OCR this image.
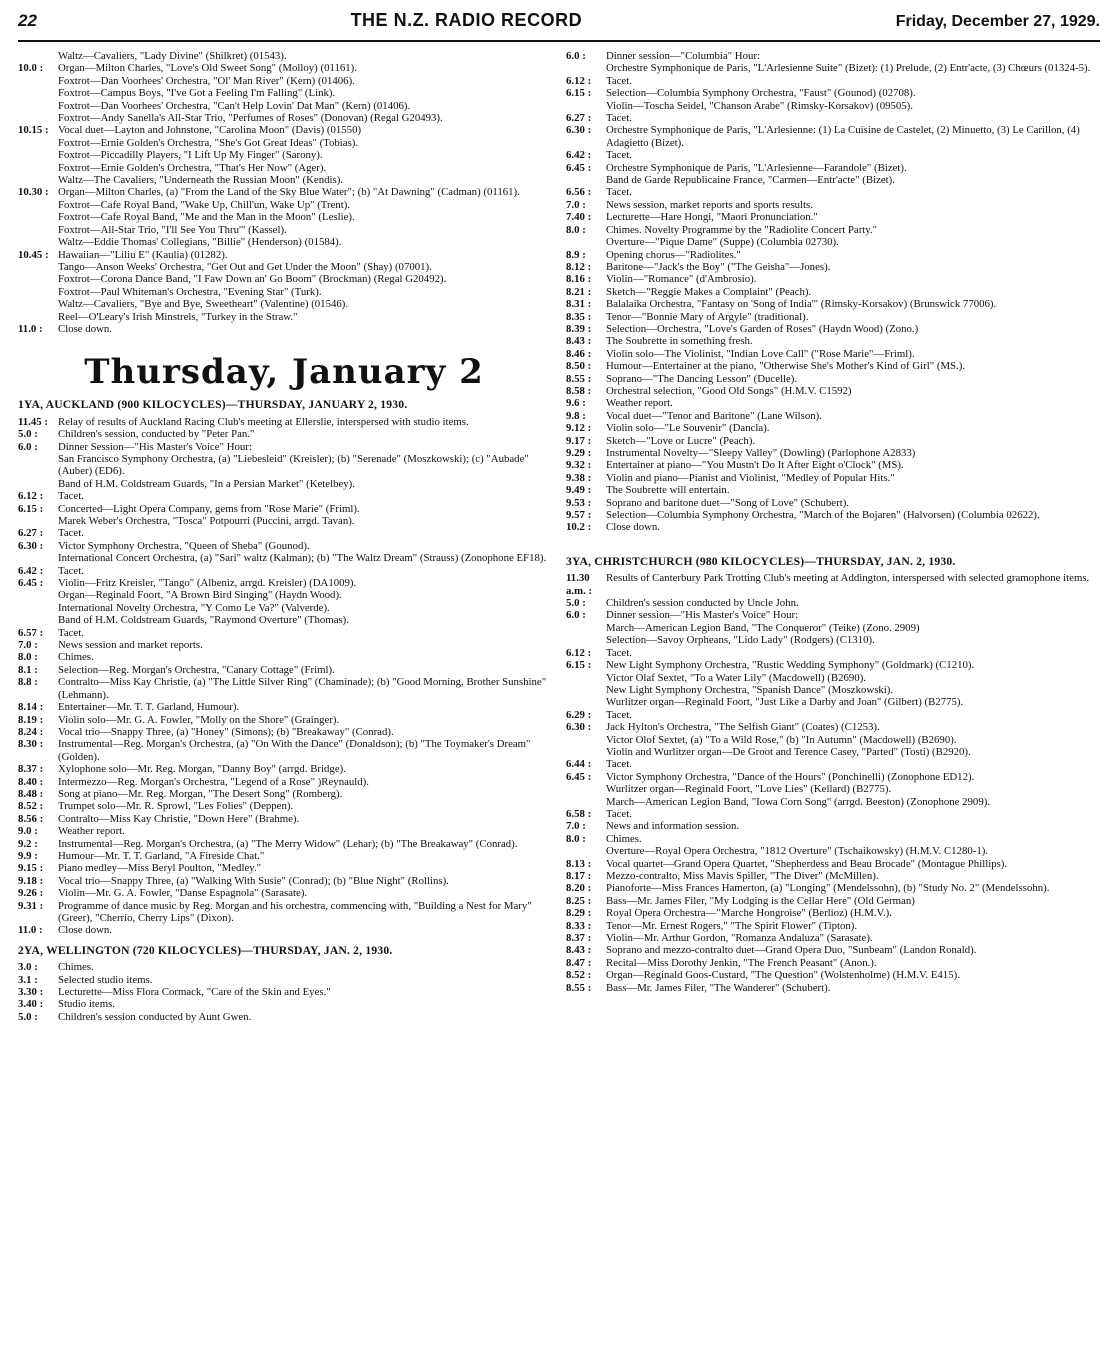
22	THE N.Z. RADIO RECORD	Friday, December 27, 1929.
Waltz—Cavaliers, "Lady Divine" (Shilkret) (01543).
10.0 :	Organ—Milton Charles, "Love's Old Sweet Song" (Molloy) (01161).
Foxtrot—Dan Voorhees' Orchestra, "Ol' Man River" (Kern) (01406).
Foxtrot—Campus Boys, "I've Got a Feeling I'm Falling" (Link).
Foxtrot—Dan Voorhees' Orchestra, "Can't Help Lovin' Dat Man" (Kern) (01406).
Foxtrot—Andy Sanella's All-Star Trio, "Perfumes of Roses" (Donovan) (Regal G20493).
10.15 : Vocal duet—Layton and Johnstone, "Carolina Moon" (Davis) (01550)
Foxtrot—Ernie Golden's Orchestra, "She's Got Great Ideas" (Tobias).
Foxtrot—Piccadilly Players, "I Lift Up My Finger" (Sarony).
Foxtrot—Ernie Golden's Orchestra, "That's Her Now" (Ager).
Waltz—The Cavaliers, "Underneath the Russian Moon" (Kendis).
10.30 : Organ—Milton Charles, (a) "From the Land of the Sky Blue Water"; (b) "At Dawning" (Cadman) (01161).
Foxtrot—Cafe Royal Band, "Wake Up, Chill'un, Wake Up" (Trent).
Foxtrot—Cafe Royal Band, "Me and the Man in the Moon" (Leslie).
Foxtrot—All-Star Trio, "I'll See You Thru'" (Kassel).
Waltz—Eddie Thomas' Collegians, "Billie" (Henderson) (01584).
10.45 : Hawaiian—"Liliu E" (Kaulia) (01282).
Tango—Anson Weeks' Orchestra, "Get Out and Get Under the Moon" (Shay) (07001).
Foxtrot—Corona Dance Band, "I Faw Down an' Go Boom" (Brockman) (Regal G20492).
Foxtrot—Paul Whiteman's Orchestra, "Evening Star" (Turk).
Waltz—Cavaliers, "Bye and Bye, Sweetheart" (Valentine) (01546).
Reel—O'Leary's Irish Minstrels, "Turkey in the Straw."
11.0 :	Close down.
Thursday, January 2
1YA, AUCKLAND (900 KILOCYCLES)—THURSDAY, JANUARY 2, 1930.
11.45 : Relay of results of Auckland Racing Club's meeting at Ellerslie, interspersed with studio items.
5.0 :	Children's session, conducted by "Peter Pan."
6.0 :	Dinner Session—"His Master's Voice" Hour:
San Francisco Symphony Orchestra, (a) "Liebesleid" (Kreisler); (b) "Serenade" (Moszkowski); (c) "Aubade" (Auber) (ED6).
Band of H.M. Coldstream Guards, "In a Persian Market" (Ketelbey).
6.12 :	Tacet.
6.15 :	Concerted—Light Opera Company, gems from "Rose Marie" (Friml).
Marek Weber's Orchestra, "Tosca" Potpourri (Puccini, arrgd. Tavan).
6.27 :	Tacet.
6.30 :	Victor Symphony Orchestra, "Queen of Sheba" (Gounod).
International Concert Orchestra, (a) "Sari" waltz (Kalman); (b) "The Waltz Dream" (Strauss) (Zonophone EF18).
6.42 :	Tacet.
6.45 :	Violin—Fritz Kreisler, "Tango" (Albeniz, arrgd. Kreisler) (DA1009).
Organ—Reginald Foort, "A Brown Bird Singing" (Haydn Wood).
International Novelty Orchestra, "Y Como Le Va?" (Valverde).
Band of H.M. Coldstream Guards, "Raymond Overture" (Thomas).
6.57 :	Tacet.
7.0 :	News session and market reports.
8.0 :	Chimes.
8.1 :	Selection—Reg. Morgan's Orchestra, "Canary Cottage" (Friml).
8.8 :	Contralto—Miss Kay Christie, (a) "The Little Silver Ring" (Chaminade); (b) "Good Morning, Brother Sunshine" (Lehmann).
8.14 :	Entertainer—Mr. T. T. Garland, Humour).
8.19 :	Violin solo—Mr. G. A. Fowler, "Molly on the Shore" (Grainger).
8.24 :	Vocal trio—Snappy Three, (a) "Honey" (Simons); (b) "Breakaway" (Conrad).
8.30 :	Instrumental—Reg. Morgan's Orchestra, (a) "On With the Dance" (Donaldson); (b) "The Toymaker's Dream" (Golden).
8.37 :	Xylophone solo—Mr. Reg. Morgan, "Danny Boy" (arrgd. Bridge).
8.40 :	Intermezzo—Reg. Morgan's Orchestra, "Legend of a Rose" )Reynauld).
8.48 :	Song at piano—Mr. Reg. Morgan, "The Desert Song" (Romberg).
8.52 :	Trumpet solo—Mr. R. Sprowl, "Les Folies" (Deppen).
8.56 :	Contralto—Miss Kay Christie, "Down Here" (Brahme).
9.0 :	Weather report.
9.2 :	Instrumental—Reg. Morgan's Orchestra, (a) "The Merry Widow" (Lehar); (b) "The Breakaway" (Conrad).
9.9 :	Humour—Mr. T. T. Garland, "A Fireside Chat."
9.15 :	Piano medley—Miss Beryl Poulton, "Medley."
9.18 :	Vocal trio—Snappy Three, (a) "Walking With Susie" (Conrad); (b) "Blue Night" (Rollins).
9.26 :	Violin—Mr. G. A. Fowler, "Danse Espagnola" (Sarasate).
9.31 :	Programme of dance music by Reg. Morgan and his orchestra, commencing with, "Building a Nest for Mary" (Greer), "Cherrio, Cherry Lips" (Dixon).
11.0 :	Close down.
2YA, WELLINGTON (720 KILOCYCLES)—THURSDAY, JAN. 2, 1930.
3.0 :	Chimes.
3.1 :	Selected studio items.
3.30 :	Lecturette—Miss Flora Cormack, "Care of the Skin and Eyes."
3.40 :	Studio items.
5.0 :	Children's session conducted by Aunt Gwen.
6.0 :	Dinner session—"Columbia" Hour:
Orchestre Symphonique de Paris, "L'Arlesienne Suite" (Bizet): (1) Prelude, (2) Entr'acte, (3) Chœurs (01324-5).
6.12 :	Tacet.
6.15 :	Selection—Columbia Symphony Orchestra, "Faust" (Gounod) (02708).
Violin—Toscha Seidel, "Chanson Arabe" (Rimsky-Korsakov) (09505).
6.27 :	Tacet.
6.30 :	Orchestre Symphonique de Paris, "L'Arlesienne: (1) La Cuisine de Castelet, (2) Minuetto, (3) Le Carillon, (4) Adagietto (Bizet).
6.42 :	Tacet.
6.45 :	Orchestre Symphonique de Paris, "L'Arlesienne—Farandole" (Bizet).
Band de Garde Republicaine France, "Carmen—Entr'acte" (Bizet).
6.56 :	Tacet.
7.0 :	News session, market reports and sports results.
7.40 :	Lecturette—Hare Hongi, "Maori Pronunciation."
8.0 :	Chimes. Novelty Programme by the "Radiolite Concert Party."
Overture—"Pique Dame" (Suppe) (Columbia 02730).
8.9 :	Opening chorus—"Radiolites."
8.12 :	Baritone—"Jack's the Boy" ("The Geisha"—Jones).
8.16 :	Violin—"Romance" (d'Ambrosio).
8.21 :	Sketch—"Reggie Makes a Complaint" (Peach).
8.31 :	Balalaika Orchestra, "Fantasy on 'Song of India'" (Rimsky-Korsakov) (Brunswick 77006).
8.35 :	Tenor—"Bonnie Mary of Argyle" (traditional).
8.39 :	Selection—Orchestra, "Love's Garden of Roses" (Haydn Wood) (Zono.)
8.43 :	The Soubrette in something fresh.
8.46 :	Violin solo—The Violinist, "Indian Love Call" ("Rose Marie"—Friml).
8.50 :	Humour—Entertainer at the piano, "Otherwise She's Mother's Kind of Girl" (MS.).
8.55 :	Soprano—"The Dancing Lesson" (Ducelle).
8.58 :	Orchestral selection, "Good Old Songs" (H.M.V. C1592)
9.6 :	Weather report.
9.8 :	Vocal duet—"Tenor and Baritone" (Lane Wilson).
9.12 :	Violin solo—"Le Souvenir" (Dancla).
9.17 :	Sketch—"Love or Lucre" (Peach).
9.29 :	Instrumental Novelty—"Sleepy Valley" (Dowling) (Parlophone A2833)
9.32 :	Entertainer at piano—"You Mustn't Do It After Eight o'Clock" (MS).
9.38 :	Violin and piano—Pianist and Violinist, "Medley of Popular Hits."
9.49 :	The Soubrette will entertain.
9.53 :	Soprano and baritone duet—"Song of Love" (Schubert).
9.57 :	Selection—Columbia Symphony Orchestra, "March of the Bojaren" (Halvorsen) (Columbia 02622).
10.2 :	Close down.
3YA, CHRISTCHURCH (980 KILOCYCLES)—THURSDAY, JAN. 2, 1930.
11.30 a.m. :
Results of Canterbury Park Trotting Club's meeting at Addington, interspersed with selected gramophone items.
5.0 :	Children's session conducted by Uncle John.
6.0 :	Dinner session—"His Master's Voice" Hour:
March—American Legion Band, "The Conqueror" (Teike) (Zono. 2909)
Selection—Savoy Orpheans, "Lido Lady" (Rodgers) (C1310).
6.12 :	Tacet.
6.15 :	New Light Symphony Orchestra, "Rustic Wedding Symphony" (Goldmark) (C1210).
Victor Olaf Sextet, "To a Water Lily" (Macdowell) (B2690).
New Light Symphony Orchestra, "Spanish Dance" (Moszkowski).
Wurlitzer organ—Reginald Foort, "Just Like a Darby and Joan" (Gilbert) (B2775).
6.29 :	Tacet.
6.30 :	Jack Hylton's Orchestra, "The Selfish Giant" (Coates) (C1253).
Victor Olof Sextet, (a) "To a Wild Rose," (b) "In Autumn" (Macdowell) (B2690).
Violin and Wurlitzer organ—De Groot and Terence Casey, "Parted" (Tosti) (B2920).
6.44 :	Tacet.
6.45 :	Victor Symphony Orchestra, "Dance of the Hours" (Ponchinelli) (Zonophone ED12).
Wurlitzer organ—Reginald Foort, "Love Lies" (Kellard) (B2775).
March—American Legion Band, "Iowa Corn Song" (arrgd. Beeston) (Zonophone 2909).
6.58 :	Tacet.
7.0 :	News and information session.
8.0 :	Chimes.
Overture—Royal Opera Orchestra, "1812 Overture" (Tschaikowsky) (H.M.V. C1280-1).
8.13 :	Vocal quartet—Grand Opera Quartet, "Shepherdess and Beau Brocade" (Montague Phillips).
8.17 :	Mezzo-contralto, Miss Mavis Spiller, "The Diver" (McMillen).
8.20 :	Pianoforte—Miss Frances Hamerton, (a) "Longing" (Mendelssohn), (b) "Study No. 2" (Mendelssohn).
8.25 :	Bass—Mr. James Filer, "My Lodging is the Cellar Here" (Old German)
8.29 :	Royal Opera Orchestra—"Marche Hongroise" (Berlioz) (H.M.V.).
8.33 :	Tenor—Mr. Ernest Rogers," "The Spirit Flower" (Tipton).
8.37 :	Violin—Mr. Arthur Gordon, "Romanza Andaluza" (Sarasate).
8.43 :	Soprano and mezzo-contralto duet—Grand Opera Duo, "Sunbeam" (Landon Ronald).
8.47 :	Recital—Miss Dorothy Jenkin, "The French Peasant" (Anon.).
8.52 :	Organ—Reginald Goos-Custard, "The Question" (Wolstenholme) (H.M.V. E415).
8.55 :	Bass—Mr. James Filer, "The Wanderer" (Schubert).
